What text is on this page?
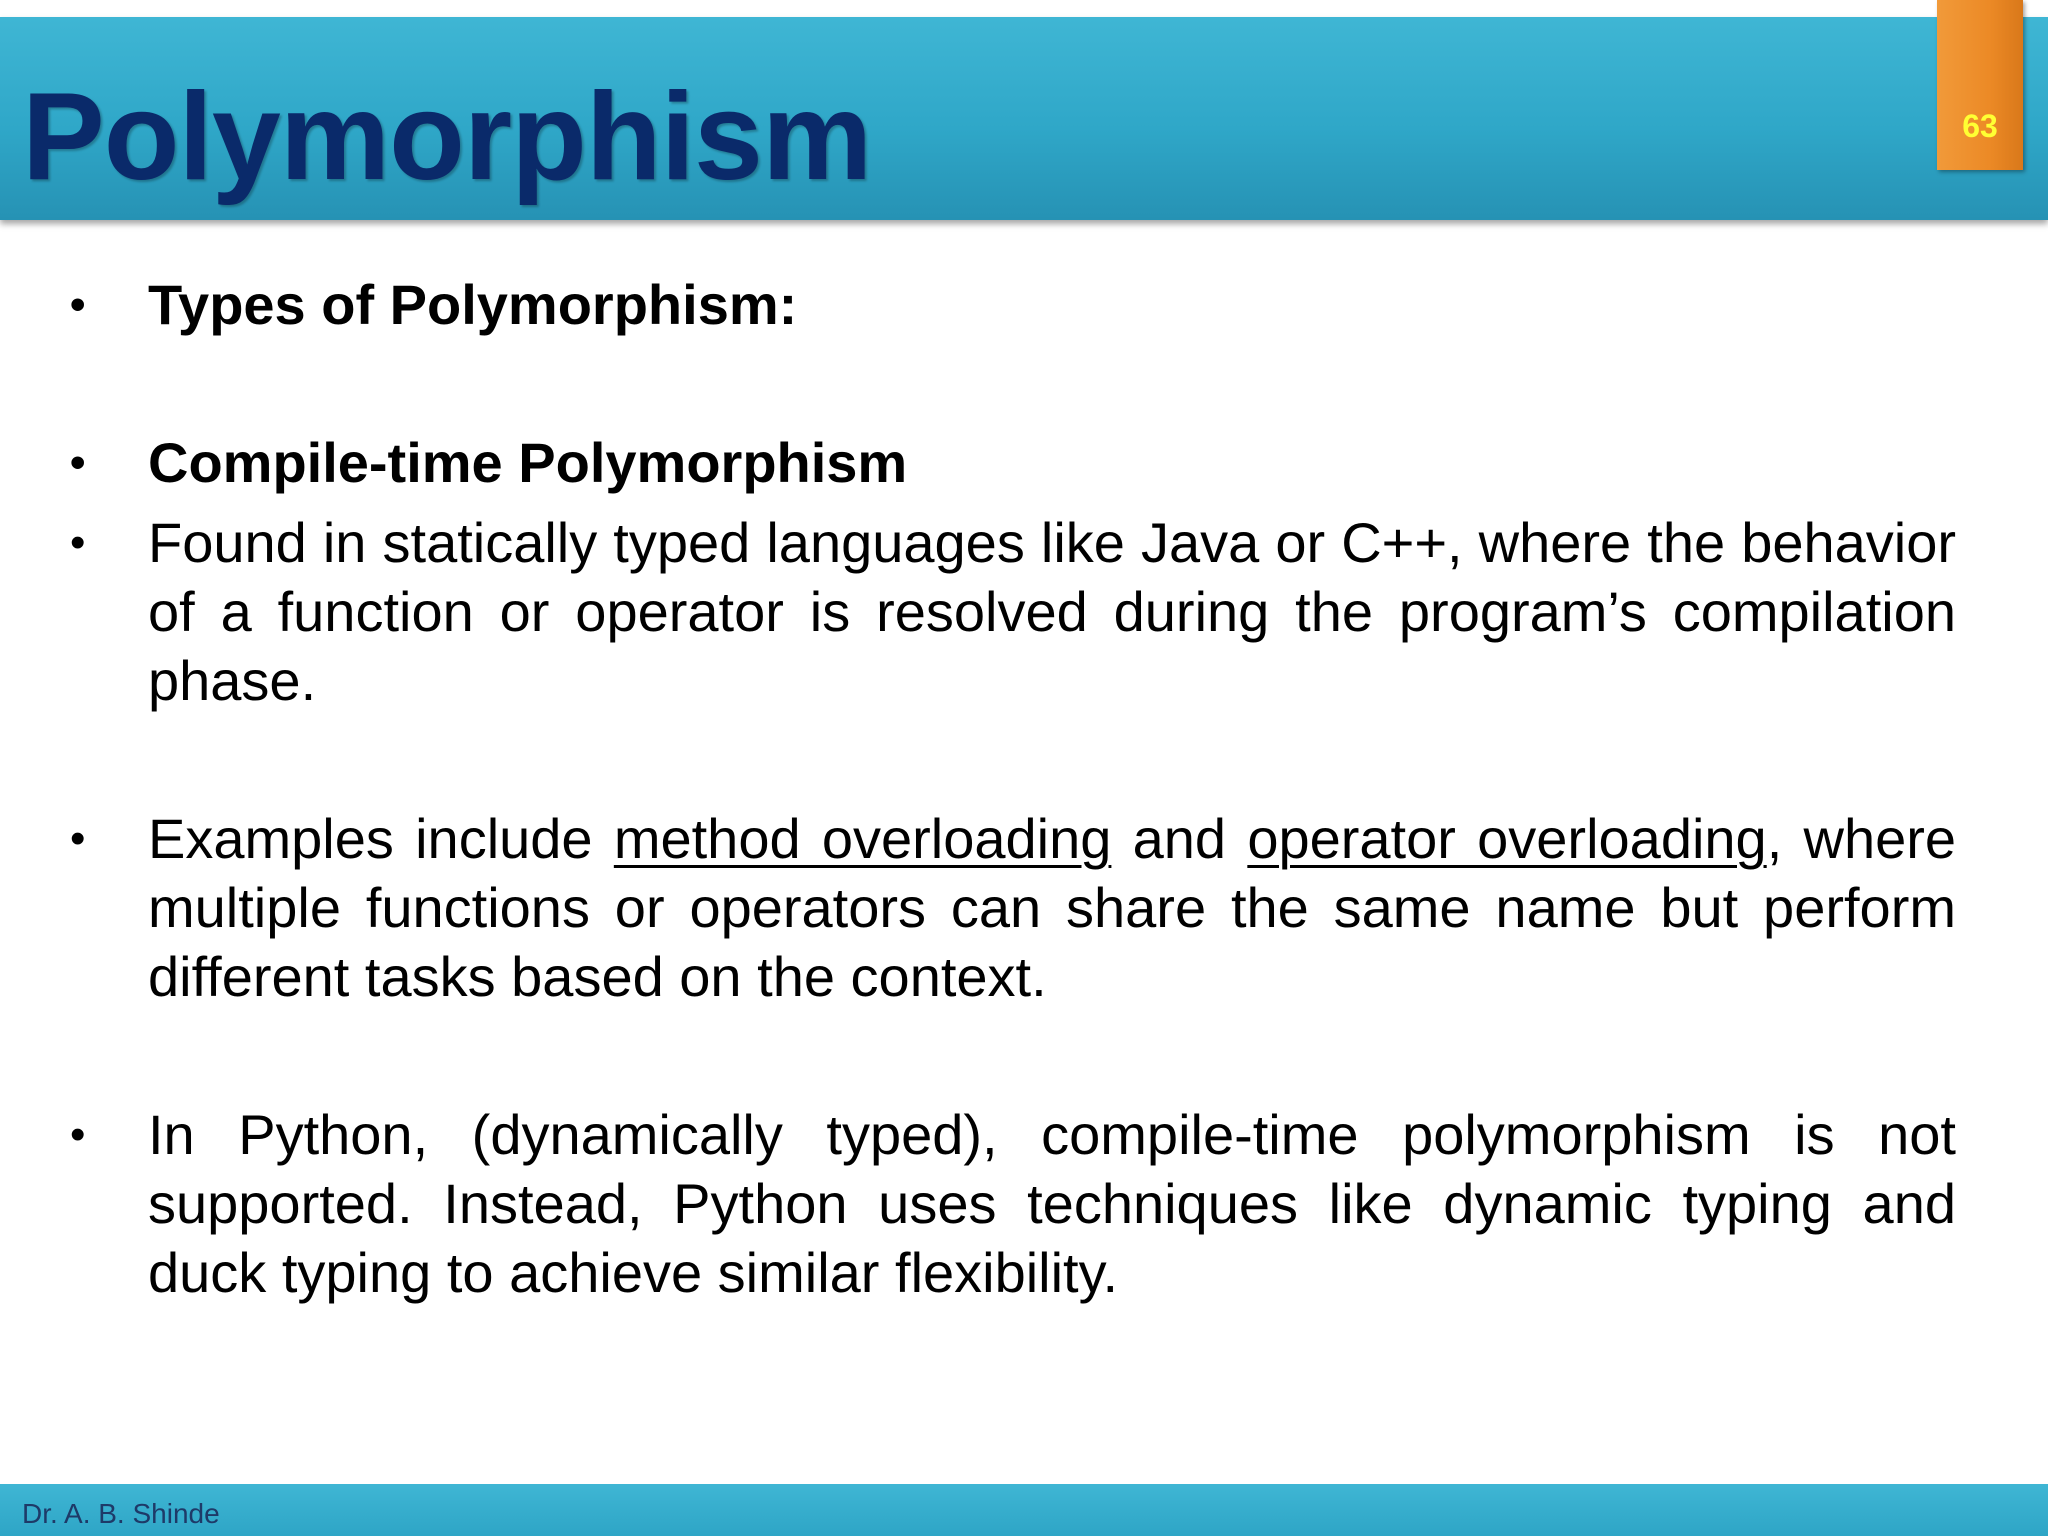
Polymorphism	63
• Types of Polymorphism:
• Compile-time Polymorphism
• Found in statically typed languages like Java or C++, where the behavior of a function or operator is resolved during the program’s compilation phase.
• Examples include method overloading and operator overloading, where multiple functions or operators can share the same name but perform different tasks based on the context.
• In Python, (dynamically typed), compile-time polymorphism is not supported. Instead, Python uses techniques like dynamic typing and duck typing to achieve similar flexibility.
Dr. A. B. Shinde
